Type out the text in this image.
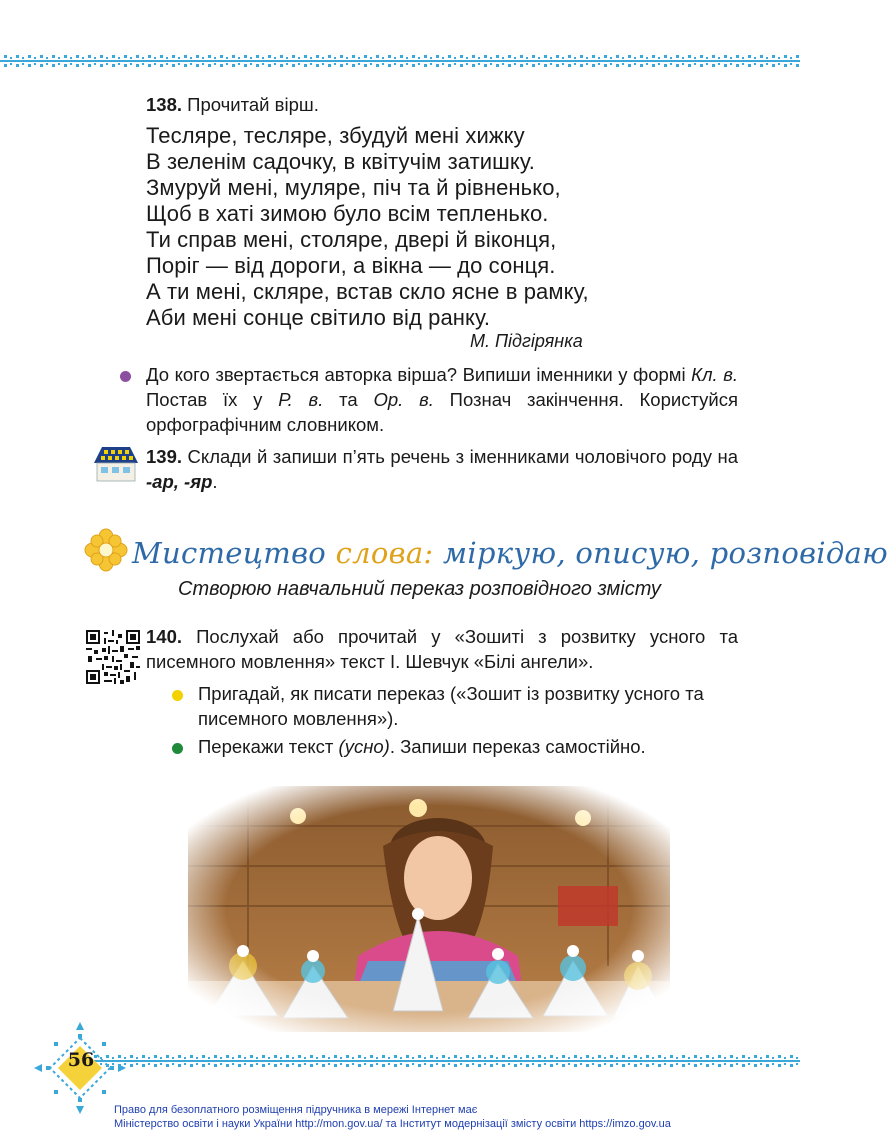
138. Прочитай вірш.
Тесляре, тесляре, збудуй мені хижку
В зеленім садочку, в квітучім затишку.
Змуруй мені, муляре, піч та й рівненько,
Щоб в хаті зимою було всім тепленько.
Ти справ мені, столяре, двері й віконця,
Поріг — від дороги, а вікна — до сонця.
А ти мені, скляре, встав скло ясне в рамку,
Аби мені сонце світило від ранку.
М. Підгірянка
До кого звертається авторка вірша? Випиши іменники у формі Кл. в. Постав їх у Р. в. та Ор. в. Познач закінчення. Користуйся орфографічним словником.
139. Склади й запиши п’ять речень з іменниками чоловічого роду на -ар, -яр.
Мистецтво слова: міркую, описую, розповідаю
Створюю навчальний переказ розповідного змісту
140. Послухай або прочитай у «Зошиті з розвитку усного та писемного мовлення» текст І. Шевчук «Білі ангели».
Пригадай, як писати переказ («Зошит із розвитку усного та писемного мовлення»).
Перекажи текст (усно). Запиши переказ самостійно.
56
Право для безоплатного розміщення підручника в мережі Інтернет має
Міністерство освіти і науки України http://mon.gov.ua/ та Інститут модернізації змісту освіти https://imzo.gov.ua
